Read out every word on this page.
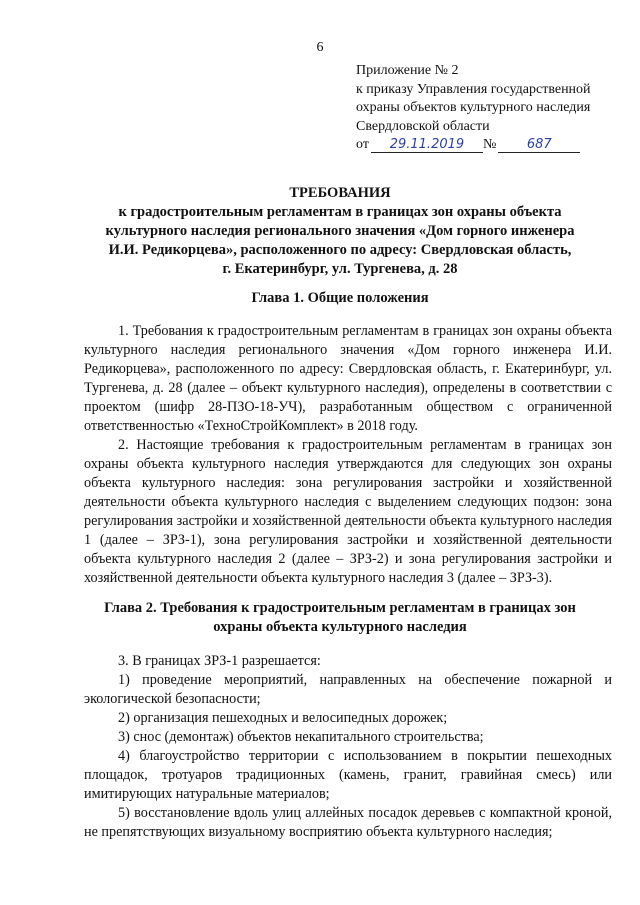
6
Приложение № 2
к приказу Управления государственной
охраны объектов культурного наследия
Свердловской области
от	29.11.2019	№	687
ТРЕБОВАНИЯ
к градостроительным регламентам в границах зон охраны объекта
культурного наследия регионального значения «Дом горного инженера
И.И. Редикорцева», расположенного по адресу: Свердловская область,
г. Екатеринбург, ул. Тургенева, д. 28
Глава 1. Общие положения

1. Требования к градостроительным регламентам в границах зон охраны объекта культурного наследия регионального значения «Дом горного инженера И.И. Редикорцева», расположенного по адресу: Свердловская область, г. Екатеринбург, ул. Тургенева, д. 28 (далее – объект культурного наследия), определены в соответствии с проектом (шифр 28-ПЗО-18-УЧ), разработанным обществом с ограниченной ответственностью «ТехноСтройКомплект» в 2018 году.

2. Настоящие требования к градостроительным регламентам в границах зон охраны объекта культурного наследия утверждаются для следующих зон охраны объекта культурного наследия: зона регулирования застройки и хозяйственной деятельности объекта культурного наследия с выделением следующих подзон: зона регулирования застройки и хозяйственной деятельности объекта культурного наследия 1 (далее – ЗРЗ-1), зона регулирования застройки и хозяйственной деятельности объекта культурного наследия 2 (далее – ЗРЗ-2) и зона регулирования застройки и хозяйственной деятельности объекта культурного наследия 3 (далее – ЗРЗ-3).

Глава 2. Требования к градостроительным регламентам в границах зон
охраны объекта культурного наследия

3. В границах ЗРЗ-1 разрешается:

1) проведение мероприятий, направленных на обеспечение пожарной и экологической безопасности;

2) организация пешеходных и велосипедных дорожек;

3) снос (демонтаж) объектов некапитального строительства;

4) благоустройство территории с использованием в покрытии пешеходных площадок, тротуаров традиционных (камень, гранит, гравийная смесь) или имитирующих натуральные материалов;

5) восстановление вдоль улиц аллейных посадок деревьев с компактной кроной, не препятствующих визуальному восприятию объекта культурного наследия;
